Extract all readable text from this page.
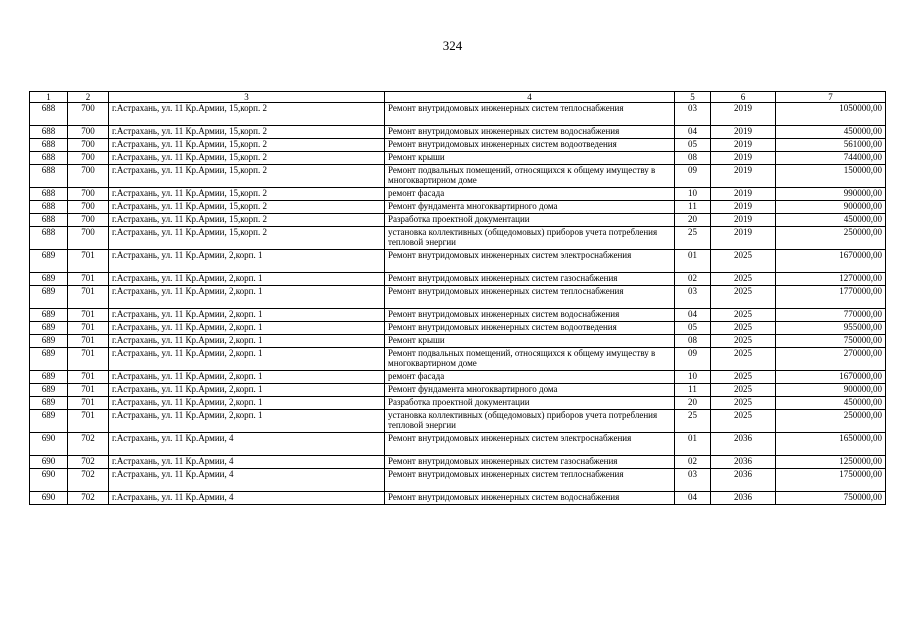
324
1	2	3	4	5	6	7
688	700	г.Астрахань, ул. 11 Кр.Армии, 15,корп. 2	Ремонт внутридомовых инженерных систем теплоснабжения	03	2019	1050000,00
688	700	г.Астрахань, ул. 11 Кр.Армии, 15,корп. 2	Ремонт внутридомовых инженерных систем водоснабжения	04	2019	450000,00
688	700	г.Астрахань, ул. 11 Кр.Армии, 15,корп. 2	Ремонт внутридомовых инженерных систем водоотведения	05	2019	561000,00
688	700	г.Астрахань, ул. 11 Кр.Армии, 15,корп. 2	Ремонт крыши	08	2019	744000,00
688	700	г.Астрахань, ул. 11 Кр.Армии, 15,корп. 2	Ремонт подвальных помещений, относящихся к общему имуществу в многоквартирном доме	09	2019	150000,00
688	700	г.Астрахань, ул. 11 Кр.Армии, 15,корп. 2	ремонт фасада	10	2019	990000,00
688	700	г.Астрахань, ул. 11 Кр.Армии, 15,корп. 2	Ремонт фундамента многоквартирного дома	11	2019	900000,00
688	700	г.Астрахань, ул. 11 Кр.Армии, 15,корп. 2	Разработка проектной документации	20	2019	450000,00
688	700	г.Астрахань, ул. 11 Кр.Армии, 15,корп. 2	установка коллективных (общедомовых) приборов учета потребления тепловой энергии	25	2019	250000,00
689	701	г.Астрахань, ул. 11 Кр.Армии, 2,корп. 1	Ремонт внутридомовых инженерных систем электроснабжения	01	2025	1670000,00
689	701	г.Астрахань, ул. 11 Кр.Армии, 2,корп. 1	Ремонт внутридомовых инженерных систем газоснабжения	02	2025	1270000,00
689	701	г.Астрахань, ул. 11 Кр.Армии, 2,корп. 1	Ремонт внутридомовых инженерных систем теплоснабжения	03	2025	1770000,00
689	701	г.Астрахань, ул. 11 Кр.Армии, 2,корп. 1	Ремонт внутридомовых инженерных систем водоснабжения	04	2025	770000,00
689	701	г.Астрахань, ул. 11 Кр.Армии, 2,корп. 1	Ремонт внутридомовых инженерных систем водоотведения	05	2025	955000,00
689	701	г.Астрахань, ул. 11 Кр.Армии, 2,корп. 1	Ремонт крыши	08	2025	750000,00
689	701	г.Астрахань, ул. 11 Кр.Армии, 2,корп. 1	Ремонт подвальных помещений, относящихся к общему имуществу в многоквартирном доме	09	2025	270000,00
689	701	г.Астрахань, ул. 11 Кр.Армии, 2,корп. 1	ремонт фасада	10	2025	1670000,00
689	701	г.Астрахань, ул. 11 Кр.Армии, 2,корп. 1	Ремонт фундамента многоквартирного дома	11	2025	900000,00
689	701	г.Астрахань, ул. 11 Кр.Армии, 2,корп. 1	Разработка проектной документации	20	2025	450000,00
689	701	г.Астрахань, ул. 11 Кр.Армии, 2,корп. 1	установка коллективных (общедомовых) приборов учета потребления тепловой энергии	25	2025	250000,00
690	702	г.Астрахань, ул. 11 Кр.Армии, 4	Ремонт внутридомовых инженерных систем электроснабжения	01	2036	1650000,00
690	702	г.Астрахань, ул. 11 Кр.Армии, 4	Ремонт внутридомовых инженерных систем газоснабжения	02	2036	1250000,00
690	702	г.Астрахань, ул. 11 Кр.Армии, 4	Ремонт внутридомовых инженерных систем теплоснабжения	03	2036	1750000,00
690	702	г.Астрахань, ул. 11 Кр.Армии, 4	Ремонт внутридомовых инженерных систем водоснабжения	04	2036	750000,00
